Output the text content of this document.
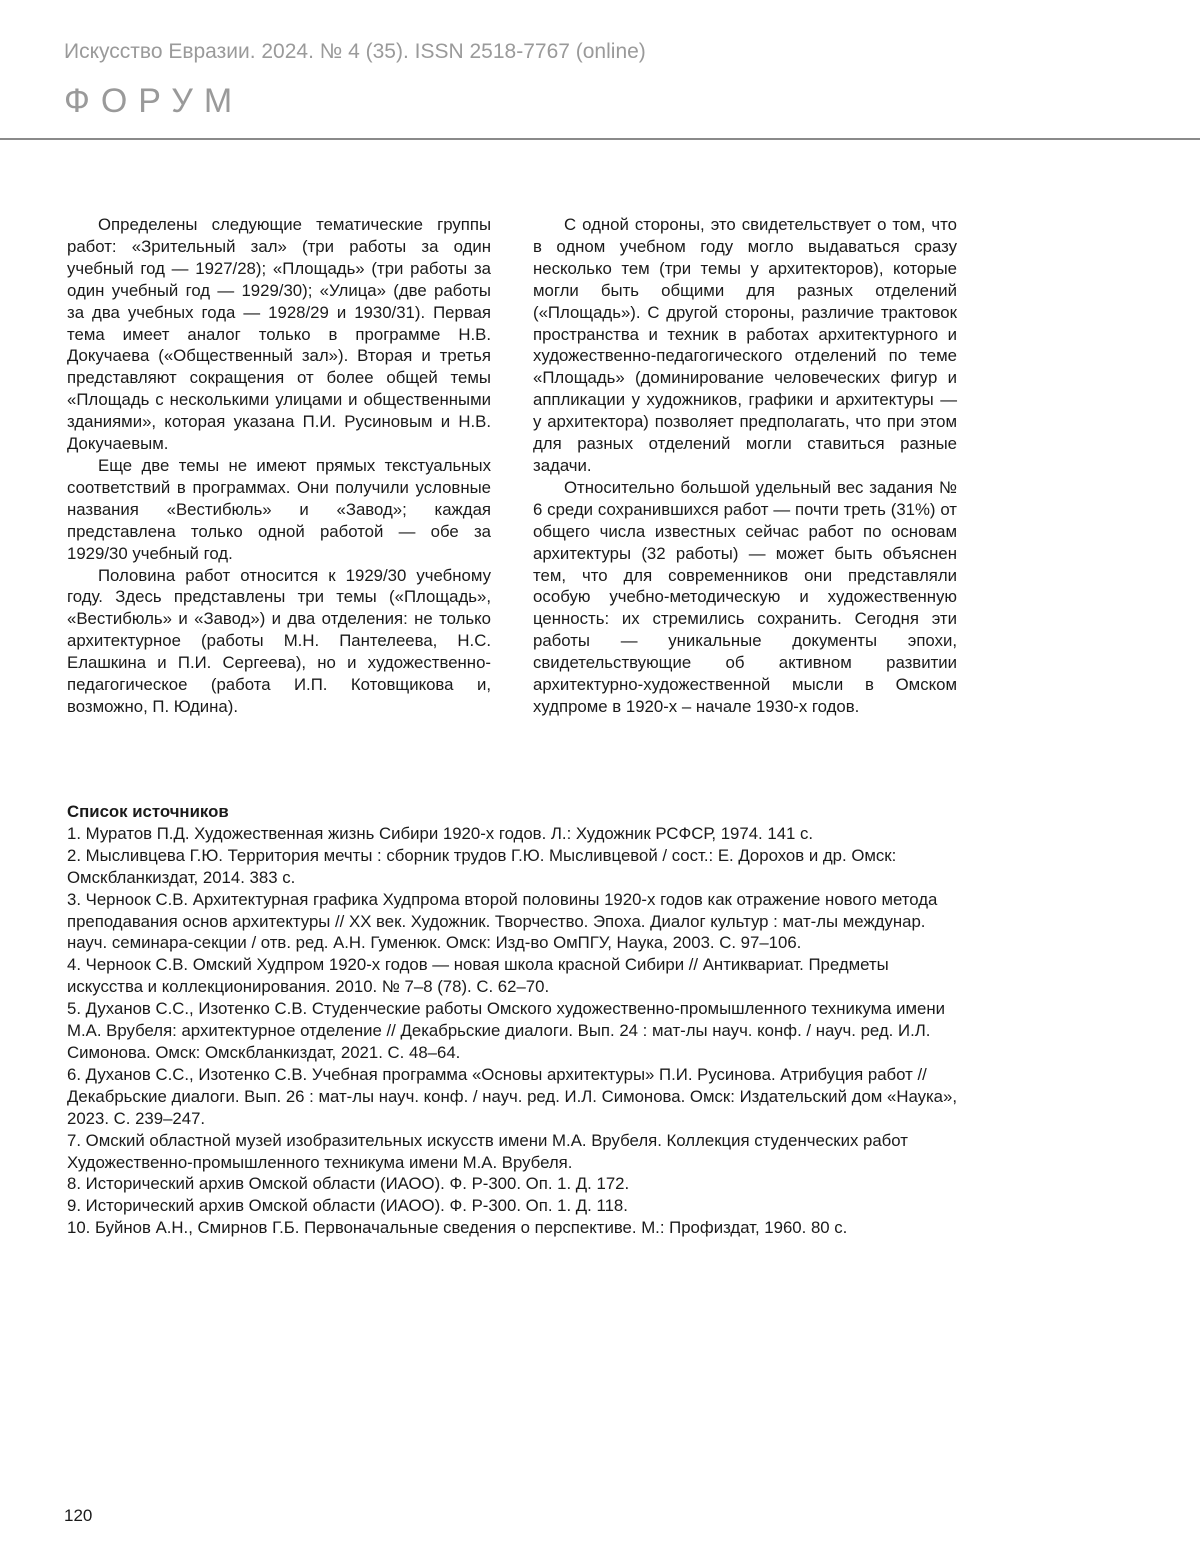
Искусство Евразии. 2024. № 4 (35). ISSN 2518-7767 (online)
ФОРУМ

Определены следующие тематические группы работ: «Зрительный зал» (три работы за один учебный год — 1927/28); «Площадь» (три работы за один учебный год — 1929/30); «Улица» (две работы за два учебных года — 1928/29 и 1930/31). Первая тема имеет аналог только в программе Н.В. Докучаева («Общественный зал»). Вторая и третья представляют сокращения от более общей темы «Площадь с несколькими улицами и общественными зданиями», которая указана П.И. Русиновым и Н.В. Докучаевым.

Еще две темы не имеют прямых текстуальных соответствий в программах. Они получили условные названия «Вестибюль» и «Завод»; каждая представлена только одной работой — обе за 1929/30 учебный год.

Половина работ относится к 1929/30 учебному году. Здесь представлены три темы («Площадь», «Вестибюль» и «Завод») и два отделения: не только архитектурное (работы М.Н. Пантелеева, Н.С. Елашкина и П.И. Сергеева), но и художественно-педагогическое (работа И.П. Котовщикова и, возможно, П. Юдина).

С одной стороны, это свидетельствует о том, что в одном учебном году могло выдаваться сразу несколько тем (три темы у архитекторов), которые могли быть общими для разных отделений («Площадь»). С другой стороны, различие трактовок пространства и техник в работах архитектурного и художественно-педагогического отделений по теме «Площадь» (доминирование человеческих фигур и аппликации у художников, графики и архитектуры — у архитектора) позволяет предполагать, что при этом для разных отделений могли ставиться разные задачи.

Относительно большой удельный вес задания № 6 среди сохранившихся работ — почти треть (31%) от общего числа известных сейчас работ по основам архитектуры (32 работы) — может быть объяснен тем, что для современников они представляли особую учебно-методическую и художественную ценность: их стремились сохранить. Сегодня эти работы — уникальные документы эпохи, свидетельствующие об активном развитии архитектурно-художественной мысли в Омском худпроме в 1920-х – начале 1930-х годов.

Список источников

1. Муратов П.Д. Художественная жизнь Сибири 1920-х годов. Л.: Художник РСФСР, 1974. 141 с.

2. Мысливцева Г.Ю. Территория мечты : сборник трудов Г.Ю. Мысливцевой / сост.: Е. Дорохов и др. Омск: Омскбланкиздат, 2014. 383 с.

3. Черноок С.В. Архитектурная графика Худпрома второй половины 1920-х годов как отражение нового метода преподавания основ архитектуры // XX век. Художник. Творчество. Эпоха. Диалог культур : мат-лы междунар. науч. семинара-секции / отв. ред. А.Н. Гуменюк. Омск: Изд-во ОмПГУ, Наука, 2003. С. 97–106.

4. Черноок С.В. Омский Худпром 1920-х годов — новая школа красной Сибири // Антиквариат. Предметы искусства и коллекционирования. 2010. № 7–8 (78). С. 62–70.

5. Духанов С.С., Изотенко С.В. Студенческие работы Омского художественно-промышленного техникума имени М.А. Врубеля: архитектурное отделение // Декабрьские диалоги. Вып. 24 : мат-лы науч. конф. / науч. ред. И.Л. Симонова. Омск: Омскбланкиздат, 2021. С. 48–64.

6. Духанов С.С., Изотенко С.В. Учебная программа «Основы архитектуры» П.И. Русинова. Атрибуция работ // Декабрьские диалоги. Вып. 26 : мат-лы науч. конф. / науч. ред. И.Л. Симонова. Омск: Издательский дом «Наука», 2023. С. 239–247.

7. Омский областной музей изобразительных искусств имени М.А. Врубеля. Коллекция студенческих работ Художественно-промышленного техникума имени М.А. Врубеля.

8. Исторический архив Омской области (ИАОО). Ф. Р-300. Оп. 1. Д. 172.

9. Исторический архив Омской области (ИАОО). Ф. Р-300. Оп. 1. Д. 118.

10. Буйнов А.Н., Смирнов Г.Б. Первоначальные сведения о перспективе. М.: Профиздат, 1960. 80 с.

120
